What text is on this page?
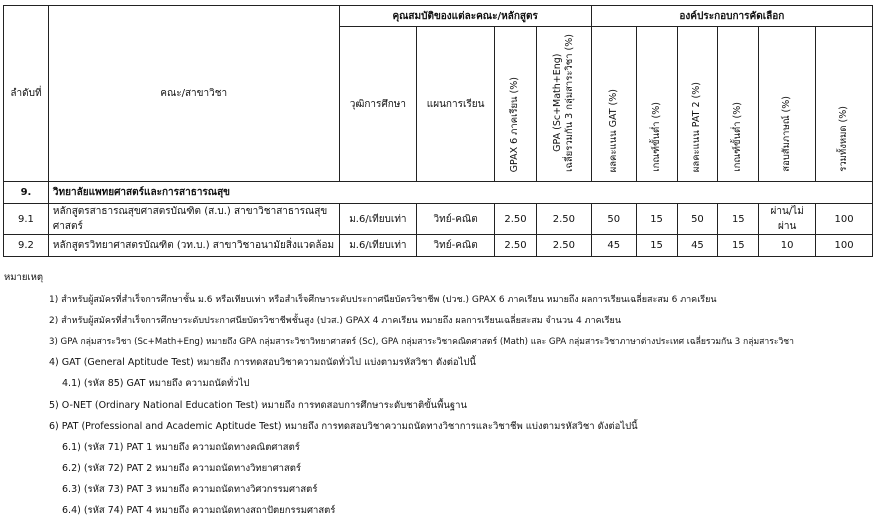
ลำดับที่	คณะ/สาขาวิชา	คุณสมบัติของแต่ละคณะ/หลักสูตร				องค์ประกอบการคัดเลือก					
		วุฒิการศึกษา	แผนการเรียน	GPAX 6 ภาคเรียน (%)	GPA (Sc+Math+Eng)
เฉลี่ยรวมกัน 3 กลุ่มสาระวิชา (%)	ผลคะแนน GAT (%)	เกณฑ์ขั้นต่ำ (%)	ผลคะแนน PAT 2 (%)	เกณฑ์ขั้นต่ำ (%)	สอบสัมภาษณ์ (%)	รวมทั้งหมด (%)
9.	วิทยาลัยแพทยศาสตร์และการสาธารณสุข										
9.1	หลักสูตรสาธารณสุขศาสตรบัณฑิต (ส.บ.) สาขาวิชาสาธารณสุขศาสตร์	ม.6/เทียบเท่า	วิทย์-คณิต	2.50	2.50	50	15	50	15	ผ่าน/ไม่ผ่าน	100
9.2	หลักสูตรวิทยาศาสตรบัณฑิต (วท.บ.) สาขาวิชาอนามัยสิ่งแวดล้อม	ม.6/เทียบเท่า	วิทย์-คณิต	2.50	2.50	45	15	45	15	10	100
หมายเหตุ
1) สำหรับผู้สมัครที่สำเร็จการศึกษาชั้น ม.6 หรือเทียบเท่า หรือสำเร็จศึกษาระดับประกาศนียบัตรวิชาชีพ (ปวช.) GPAX 6 ภาคเรียน หมายถึง ผลการเรียนเฉลี่ยสะสม 6 ภาคเรียน
2) สำหรับผู้สมัครที่สำเร็จการศึกษาระดับประกาศนียบัตรวิชาชีพชั้นสูง (ปวส.) GPAX 4 ภาคเรียน หมายถึง ผลการเรียนเฉลี่ยสะสม จำนวน 4 ภาคเรียน
3) GPA กลุ่มสาระวิชา (Sc+Math+Eng) หมายถึง GPA กลุ่มสาระวิชาวิทยาศาสตร์ (Sc), GPA กลุ่มสาระวิชาคณิตศาสตร์ (Math) และ GPA กลุ่มสาระวิชาภาษาต่างประเทศ เฉลี่ยรวมกัน 3 กลุ่มสาระวิชา
4) GAT (General Aptitude Test) หมายถึง การทดสอบวิชาความถนัดทั่วไป แบ่งตามรหัสวิชา ดังต่อไปนี้
4.1) (รหัส 85) GAT หมายถึง ความถนัดทั่วไป
5) O-NET (Ordinary National Education Test) หมายถึง การทดสอบการศึกษาระดับชาติขั้นพื้นฐาน
6) PAT (Professional and Academic Aptitude Test) หมายถึง การทดสอบวิชาความถนัดทางวิชาการและวิชาชีพ แบ่งตามรหัสวิชา ดังต่อไปนี้
6.1) (รหัส 71) PAT 1 หมายถึง ความถนัดทางคณิตศาสตร์
6.2) (รหัส 72) PAT 2 หมายถึง ความถนัดทางวิทยาศาสตร์
6.3) (รหัส 73) PAT 3 หมายถึง ความถนัดทางวิศวกรรมศาสตร์
6.4) (รหัส 74) PAT 4 หมายถึง ความถนัดทางสถาปัตยกรรมศาสตร์
